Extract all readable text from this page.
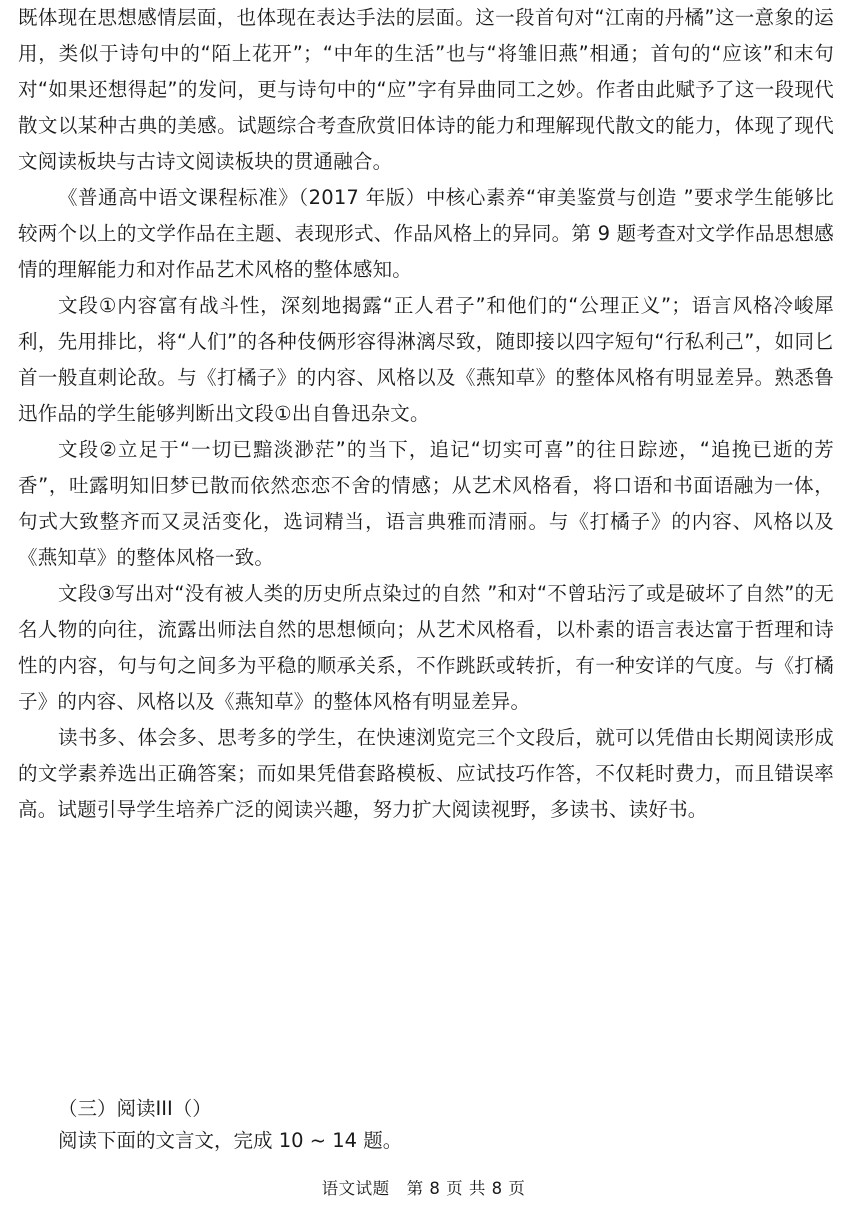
既体现在思想感情层面，也体现在表达手法的层面。这一段首句对“江南的丹橘”这一意象的运用，类似于诗句中的“陌上花开”；“中年的生活”也与“将雏旧燕”相通；首句的“应该”和末句对“如果还想得起”的发问，更与诗句中的“应”字有异曲同工之妙。作者由此赋予了这一段现代散文以某种古典的美感。试题综合考查欣赏旧体诗的能力和理解现代散文的能力，体现了现代文阅读板块与古诗文阅读板块的贯通融合。

《普通高中语文课程标准》（2017 年版）中核心素养“审美鉴赏与创造 ”要求学生能够比较两个以上的文学作品在主题、表现形式、作品风格上的异同。第 9 题考查对文学作品思想感情的理解能力和对作品艺术风格的整体感知。

文段①内容富有战斗性，深刻地揭露“正人君子”和他们的“公理正义”；语言风格冷峻犀利，先用排比，将“人们”的各种伎俩形容得淋漓尽致，随即接以四字短句“行私利己”，如同匕首一般直刺论敌。与《打橘子》的内容、风格以及《燕知草》的整体风格有明显差异。熟悉鲁迅作品的学生能够判断出文段①出自鲁迅杂文。

文段②立足于“一切已黯淡渺茫”的当下，追记“切实可喜”的往日踪迹，“追挽已逝的芳香”，吐露明知旧梦已散而依然恋恋不舍的情感；从艺术风格看，将口语和书面语融为一体，句式大致整齐而又灵活变化，选词精当，语言典雅而清丽。与《打橘子》的内容、风格以及《燕知草》的整体风格一致。

文段③写出对“没有被人类的历史所点染过的自然 ”和对“不曾玷污了或是破坏了自然”的无名人物的向往，流露出师法自然的思想倾向；从艺术风格看，以朴素的语言表达富于哲理和诗性的内容，句与句之间多为平稳的顺承关系，不作跳跃或转折，有一种安详的气度。与《打橘子》的内容、风格以及《燕知草》的整体风格有明显差异。

读书多、体会多、思考多的学生，在快速浏览完三个文段后，就可以凭借由长期阅读形成的文学素养选出正确答案；而如果凭借套路模板、应试技巧作答，不仅耗时费力，而且错误率高。试题引导学生培养广泛的阅读兴趣，努力扩大阅读视野，多读书、读好书。

（三）阅读III（）

阅读下面的文言文，完成 10 ~ 14 题。

语文试题　第 8 页 共 8 页
